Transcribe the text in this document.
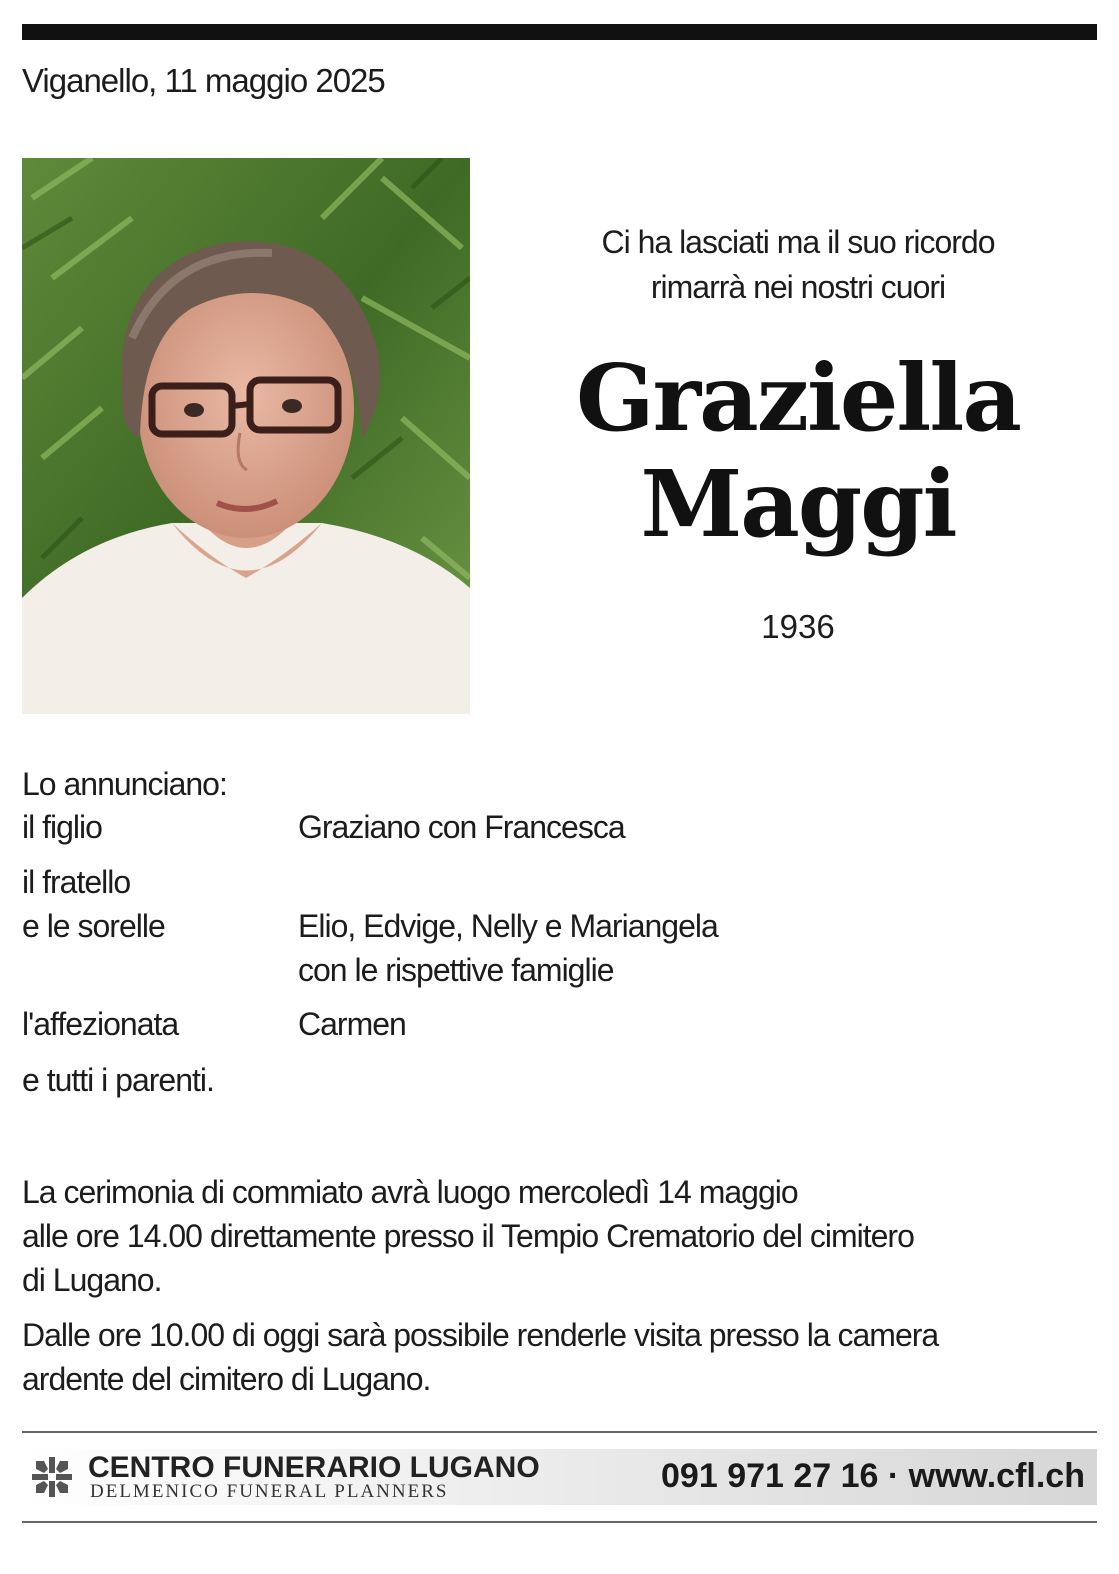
Viganello, 11 maggio 2025
Ci ha lasciati ma il suo ricordo
rimarrà nei nostri cuori
Graziella
Maggi
1936
Lo annunciano:
il figlio	Graziano con Francesca
il fratello
e le sorelle	Elio, Edvige, Nelly e Mariangela
con le rispettive famiglie
l'affezionata	Carmen
e tutti i parenti.
La cerimonia di commiato avrà luogo mercoledì 14 maggio
alle ore 14.00 direttamente presso il Tempio Crematorio del cimitero
di Lugano.
Dalle ore 10.00 di oggi sarà possibile renderle visita presso la camera
ardente del cimitero di Lugano.
CENTRO FUNERARIO LUGANO
DELMENICO FUNERAL PLANNERS	091 971 27 16 · www.cfl.ch
